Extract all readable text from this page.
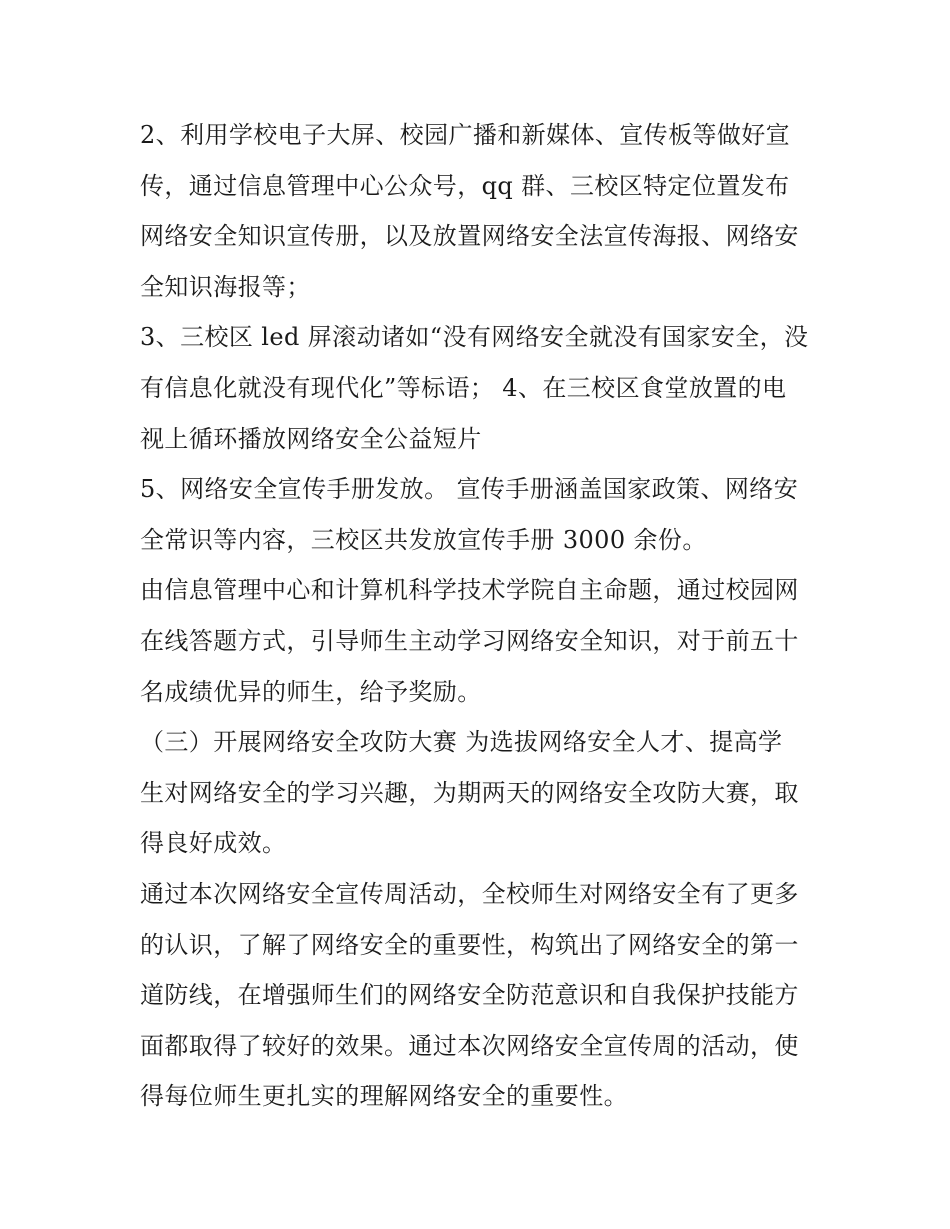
2、利用学校电子大屏、校园广播和新媒体、宣传板等做好宣
传，通过信息管理中心公众号，qq 群、三校区特定位置发布
网络安全知识宣传册，以及放置网络安全法宣传海报、网络安
全知识海报等；
3、三校区 led 屏滚动诸如“没有网络安全就没有国家安全，没
有信息化就没有现代化”等标语； 4、在三校区食堂放置的电
视上循环播放网络安全公益短片
5、网络安全宣传手册发放。 宣传手册涵盖国家政策、网络安
全常识等内容，三校区共发放宣传手册 3000 余份。
由信息管理中心和计算机科学技术学院自主命题，通过校园网
在线答题方式，引导师生主动学习网络安全知识，对于前五十
名成绩优异的师生，给予奖励。
（三）开展网络安全攻防大赛 为选拔网络安全人才、提高学
生对网络安全的学习兴趣，为期两天的网络安全攻防大赛，取
得良好成效。
通过本次网络安全宣传周活动，全校师生对网络安全有了更多
的认识，了解了网络安全的重要性，构筑出了网络安全的第一
道防线，在增强师生们的网络安全防范意识和自我保护技能方
面都取得了较好的效果。通过本次网络安全宣传周的活动，使
得每位师生更扎实的理解网络安全的重要性。
